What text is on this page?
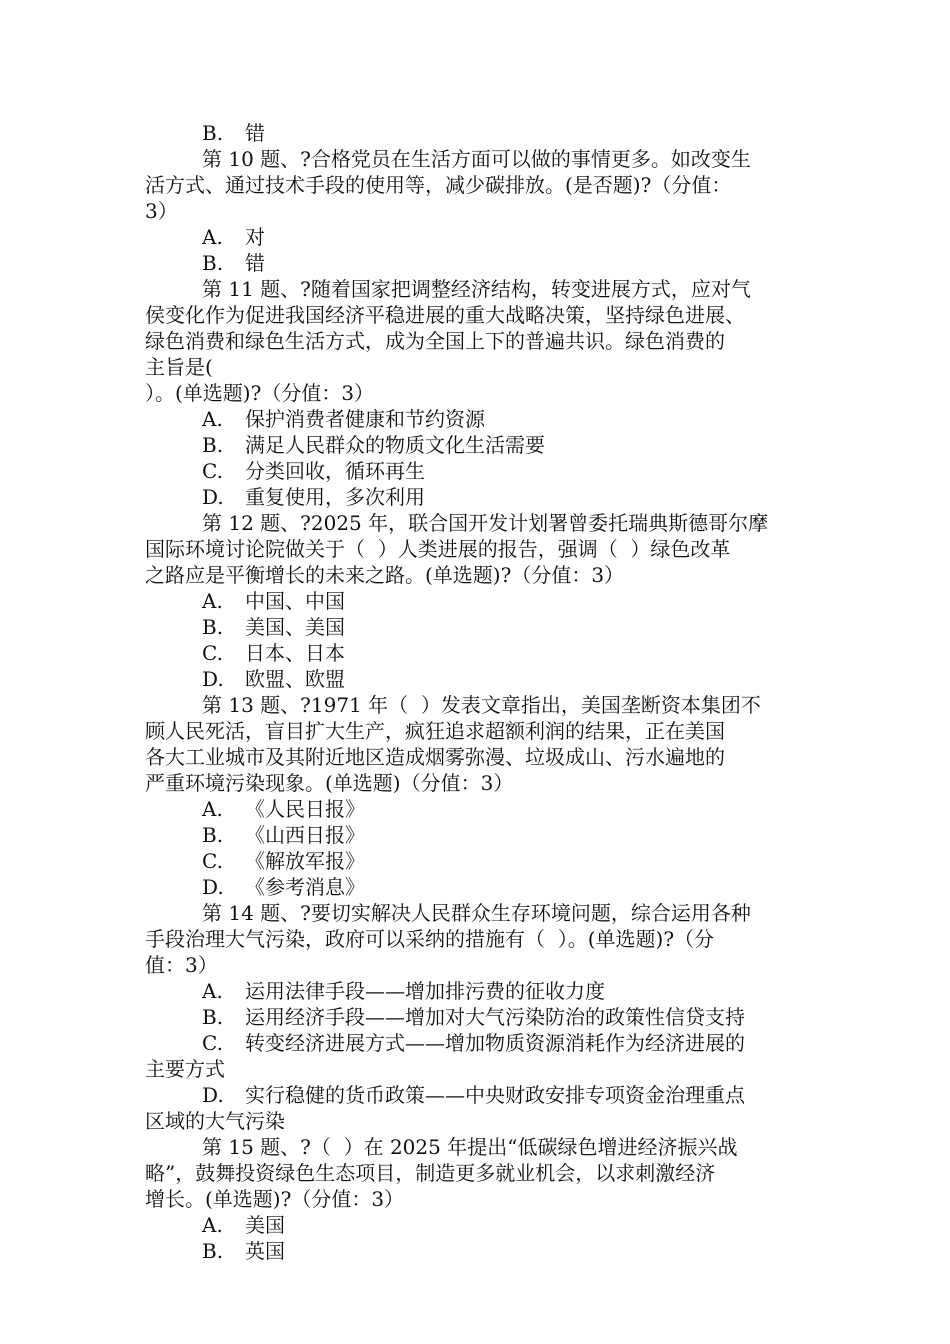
B. 错
第 10 题、?合格党员在生活方面可以做的事情更多。如改变生
活方式、通过技术手段的使用等，减少碳排放。(是否题)?（分值：
3）
A. 对
B. 错
第 11 题、?随着国家把调整经济结构，转变进展方式，应对气
侯变化作为促进我国经济平稳进展的重大战略决策，坚持绿色进展、
绿色消费和绿色生活方式，成为全国上下的普遍共识。绿色消费的
主旨是(
）。(单选题)?（分值：3）
A. 保护消费者健康和节约资源
B. 满足人民群众的物质文化生活需要
C. 分类回收，循环再生
D. 重复使用，多次利用
第 12 题、?2025 年，联合国开发计划署曾委托瑞典斯德哥尔摩
国际环境讨论院做关于（  ）人类进展的报告，强调（  ）绿色改革
之路应是平衡增长的未来之路。(单选题)?（分值：3）
A. 中国、中国
B. 美国、美国
C. 日本、日本
D. 欧盟、欧盟
第 13 题、?1971 年（  ）发表文章指出，美国垄断资本集团不
顾人民死活，盲目扩大生产，疯狂追求超额利润的结果，正在美国
各大工业城市及其附近地区造成烟雾弥漫、垃圾成山、污水遍地的
严重环境污染现象。(单选题)（分值：3）
A. 《人民日报》
B. 《山西日报》
C. 《解放军报》
D. 《参考消息》
第 14 题、?要切实解决人民群众生存环境问题，综合运用各种
手段治理大气污染，政府可以采纳的措施有（  ）。(单选题)?（分
值：3）
A. 运用法律手段——增加排污费的征收力度
B. 运用经济手段——增加对大气污染防治的政策性信贷支持
C. 转变经济进展方式——增加物质资源消耗作为经济进展的
主要方式
D. 实行稳健的货币政策——中央财政安排专项资金治理重点
区域的大气污染
第 15 题、?（  ）在 2025 年提出“低碳绿色增进经济振兴战
略”，鼓舞投资绿色生态项目，制造更多就业机会，以求刺激经济
增长。(单选题)?（分值：3）
A. 美国
B. 英国
